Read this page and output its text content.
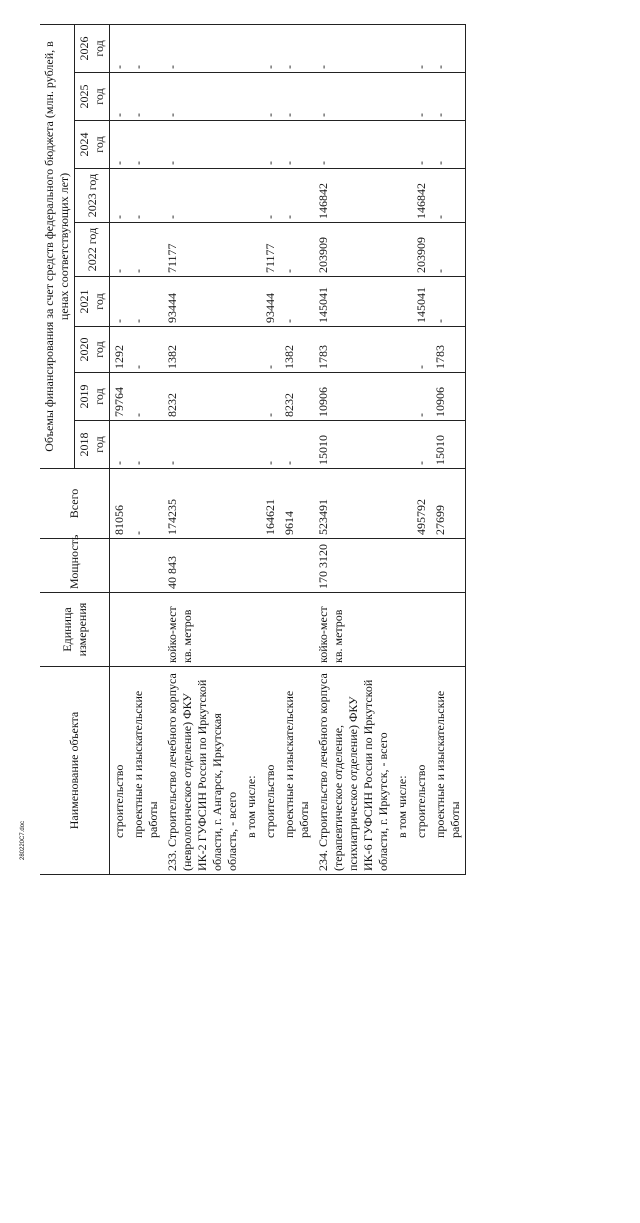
Наименование объекта	Единица измерения	Мощность	Всего	Объемы финансирования за счет средств федерального бюджета (млн. рублей, в ценах соответствующих лет)								
				2018 год	2019 год	2020 год	2021 год	2022 год	2023 год	2024 год	2025 год	2026 год
строительство			81056	-	79764	1292	-	-	-	-	-	-
проектные и изыскательские работы			-	-	-	-	-	-	-	-	-	-
233. Строительство лечебного корпуса (неврологическое отделение) ФКУ ИК-2 ГУФСИН России по Иркутской области, г. Ангарск, Иркутская область, - всего	койко-мест кв. метров	40 843	174235	-	8232	1382	93444	71177	-	-	-	-
в том числе:												
строительство			164621	-	-	-	93444	71177	-	-	-	-
проектные и изыскательские работы			9614	-	8232	1382	-	-	-	-	-	-
234. Строительство лечебного корпуса (терапевтическое отделение, психиатрическое отделение) ФКУ ИК-6 ГУФСИН России по Иркутской области, г. Иркутск, - всего	койко-мест кв. метров	170 3120	523491	15010	10906	1783	145041	203909	146842	-	-	-
в том числе:												
строительство			495792	-	-	-	145041	203909	146842	-	-	-
проектные и изыскательские работы			27699	15010	10906	1783	-	-	-	-	-	-
280220С7.doc
